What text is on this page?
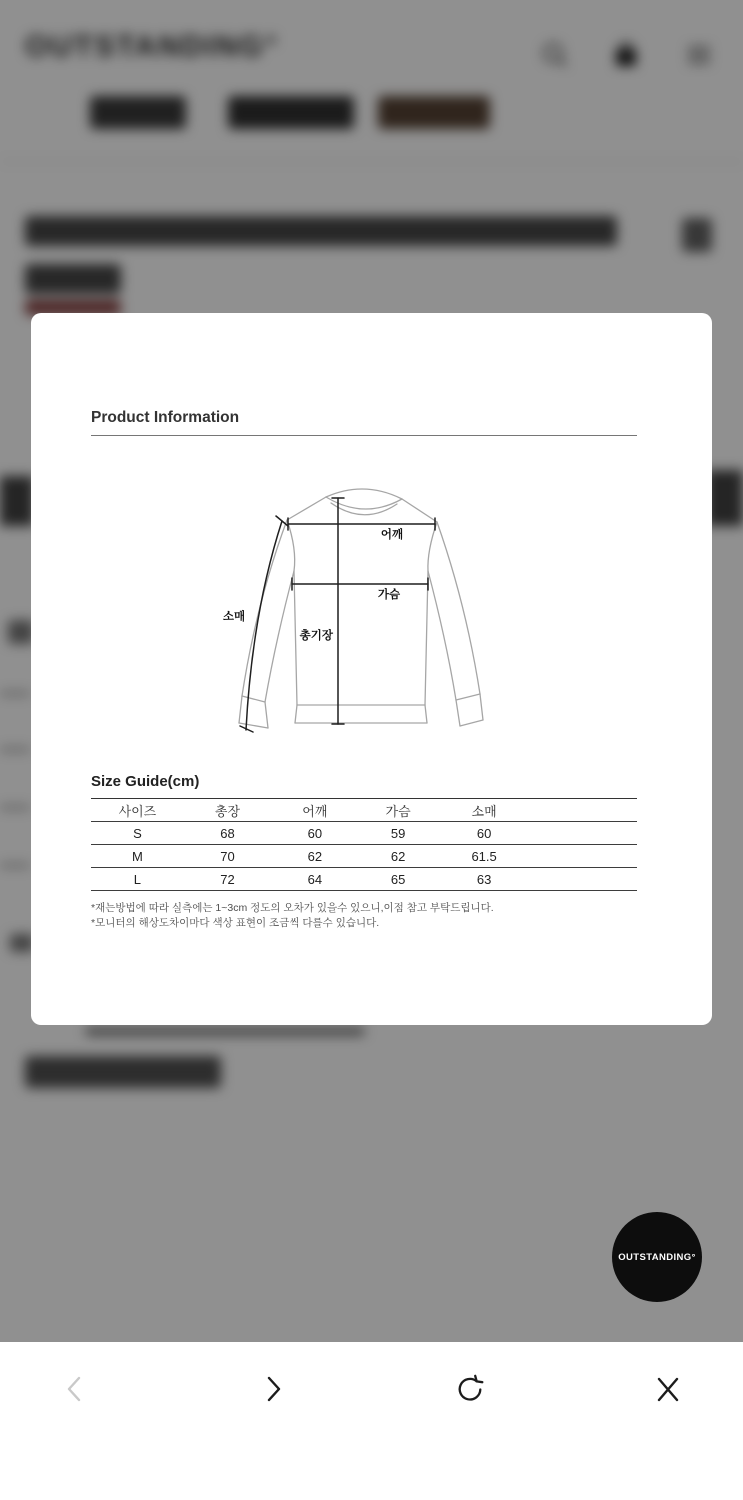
OUTSTANDING°
Product Information
어깨
가슴
총기장
소매
Size Guide(cm)
사이즈	총장	어깨	가슴	소매	
S	68	60	59	60	
M	70	62	62	61.5	
L	72	64	65	63	
*재는방법에 따라 실측에는 1~3cm 정도의 오차가 있을수 있으니,이점 참고 부탁드립니다.
*모니터의 해상도차이마다 색상 표현이 조금씩 다를수 있습니다.
OUTSTANDING°
